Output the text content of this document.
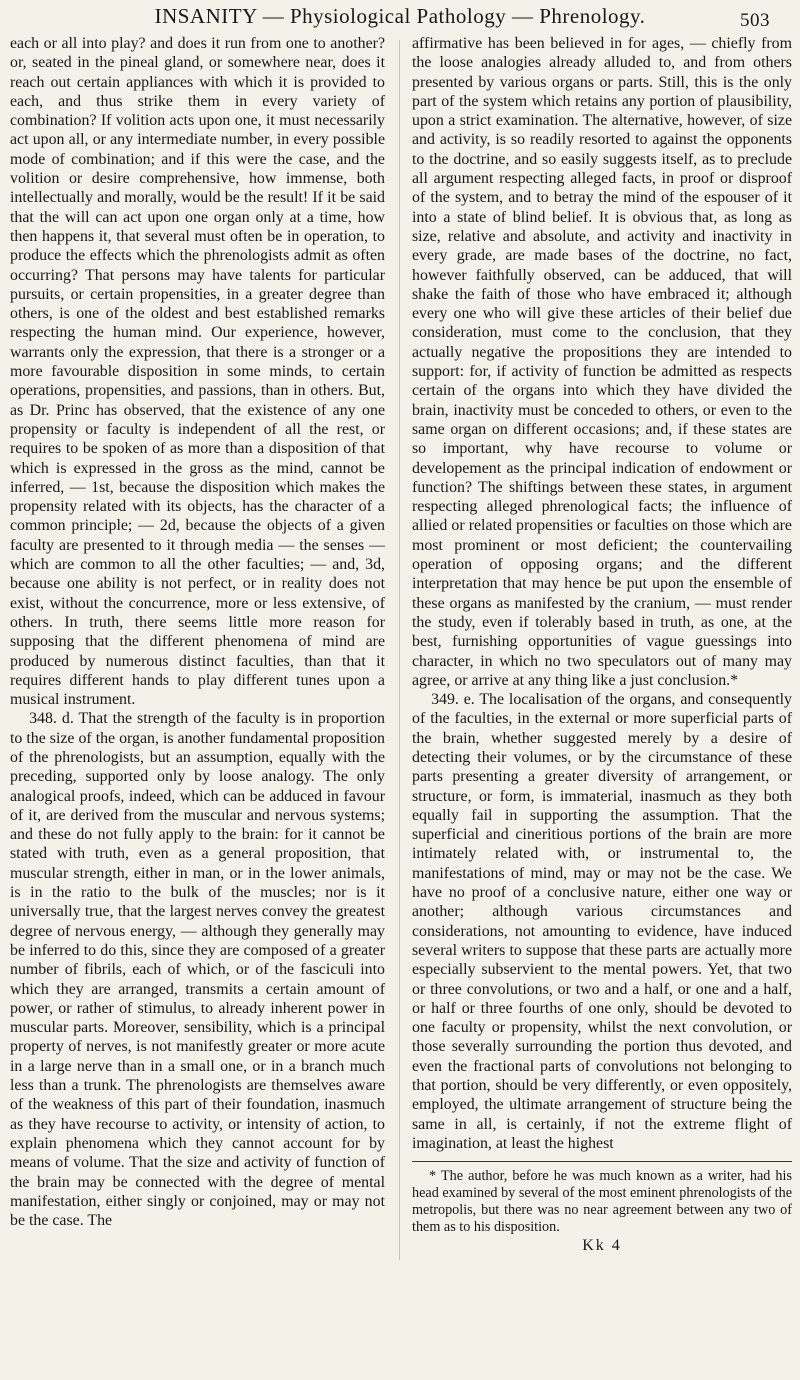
INSANITY — Physiological Pathology — Phrenology.	503

each or all into play? and does it run from one to another? or, seated in the pineal gland, or somewhere near, does it reach out certain appliances with which it is provided to each, and thus strike them in every variety of combination? If volition acts upon one, it must necessarily act upon all, or any intermediate number, in every possible mode of combination; and if this were the case, and the volition or desire comprehensive, how immense, both intellectually and morally, would be the result! If it be said that the will can act upon one organ only at a time, how then happens it, that several must often be in operation, to produce the effects which the phrenologists admit as often occurring? That persons may have talents for particular pursuits, or certain propensities, in a greater degree than others, is one of the oldest and best established remarks respecting the human mind. Our experience, however, warrants only the expression, that there is a stronger or a more favourable disposition in some minds, to certain operations, propensities, and passions, than in others. But, as Dr. Princ has observed, that the existence of any one propensity or faculty is independent of all the rest, or requires to be spoken of as more than a disposition of that which is expressed in the gross as the mind, cannot be inferred, — 1st, because the disposition which makes the propensity related with its objects, has the character of a common principle; — 2d, because the objects of a given faculty are presented to it through media — the senses — which are common to all the other faculties; — and, 3d, because one ability is not perfect, or in reality does not exist, without the concurrence, more or less extensive, of others. In truth, there seems little more reason for supposing that the different phenomena of mind are produced by numerous distinct faculties, than that it requires different hands to play different tunes upon a musical instrument.

348. d. That the strength of the faculty is in proportion to the size of the organ, is another fundamental proposition of the phrenologists, but an assumption, equally with the preceding, supported only by loose analogy. The only analogical proofs, indeed, which can be adduced in favour of it, are derived from the muscular and nervous systems; and these do not fully apply to the brain: for it cannot be stated with truth, even as a general proposition, that muscular strength, either in man, or in the lower animals, is in the ratio to the bulk of the muscles; nor is it universally true, that the largest nerves convey the greatest degree of nervous energy, — although they generally may be inferred to do this, since they are composed of a greater number of fibrils, each of which, or of the fasciculi into which they are arranged, transmits a certain amount of power, or rather of stimulus, to already inherent power in muscular parts. Moreover, sensibility, which is a principal property of nerves, is not manifestly greater or more acute in a large nerve than in a small one, or in a branch much less than a trunk. The phrenologists are themselves aware of the weakness of this part of their foundation, inasmuch as they have recourse to activity, or intensity of action, to explain phenomena which they cannot account for by means of volume. That the size and activity of function of the brain may be connected with the degree of mental manifestation, either singly or conjoined, may or may not be the case. The

affirmative has been believed in for ages, — chiefly from the loose analogies already alluded to, and from others presented by various organs or parts. Still, this is the only part of the system which retains any portion of plausibility, upon a strict examination. The alternative, however, of size and activity, is so readily resorted to against the opponents to the doctrine, and so easily suggests itself, as to preclude all argument respecting alleged facts, in proof or disproof of the system, and to betray the mind of the espouser of it into a state of blind belief. It is obvious that, as long as size, relative and absolute, and activity and inactivity in every grade, are made bases of the doctrine, no fact, however faithfully observed, can be adduced, that will shake the faith of those who have embraced it; although every one who will give these articles of their belief due consideration, must come to the conclusion, that they actually negative the propositions they are intended to support: for, if activity of function be admitted as respects certain of the organs into which they have divided the brain, inactivity must be conceded to others, or even to the same organ on different occasions; and, if these states are so important, why have recourse to volume or developement as the principal indication of endowment or function? The shiftings between these states, in argument respecting alleged phrenological facts; the influence of allied or related propensities or faculties on those which are most prominent or most deficient; the countervailing operation of opposing organs; and the different interpretation that may hence be put upon the ensemble of these organs as manifested by the cranium, — must render the study, even if tolerably based in truth, as one, at the best, furnishing opportunities of vague guessings into character, in which no two speculators out of many may agree, or arrive at any thing like a just conclusion.*

349. e. The localisation of the organs, and consequently of the faculties, in the external or more superficial parts of the brain, whether suggested merely by a desire of detecting their volumes, or by the circumstance of these parts presenting a greater diversity of arrangement, or structure, or form, is immaterial, inasmuch as they both equally fail in supporting the assumption. That the superficial and cineritious portions of the brain are more intimately related with, or instrumental to, the manifestations of mind, may or may not be the case. We have no proof of a conclusive nature, either one way or another; although various circumstances and considerations, not amounting to evidence, have induced several writers to suppose that these parts are actually more especially subservient to the mental powers. Yet, that two or three convolutions, or two and a half, or one and a half, or half or three fourths of one only, should be devoted to one faculty or propensity, whilst the next convolution, or those severally surrounding the portion thus devoted, and even the fractional parts of convolutions not belonging to that portion, should be very differently, or even oppositely, employed, the ultimate arrangement of structure being the same in all, is certainly, if not the extreme flight of imagination, at least the highest

* The author, before he was much known as a writer, had his head examined by several of the most eminent phrenologists of the metropolis, but there was no near agreement between any two of them as to his disposition.

Kk 4
